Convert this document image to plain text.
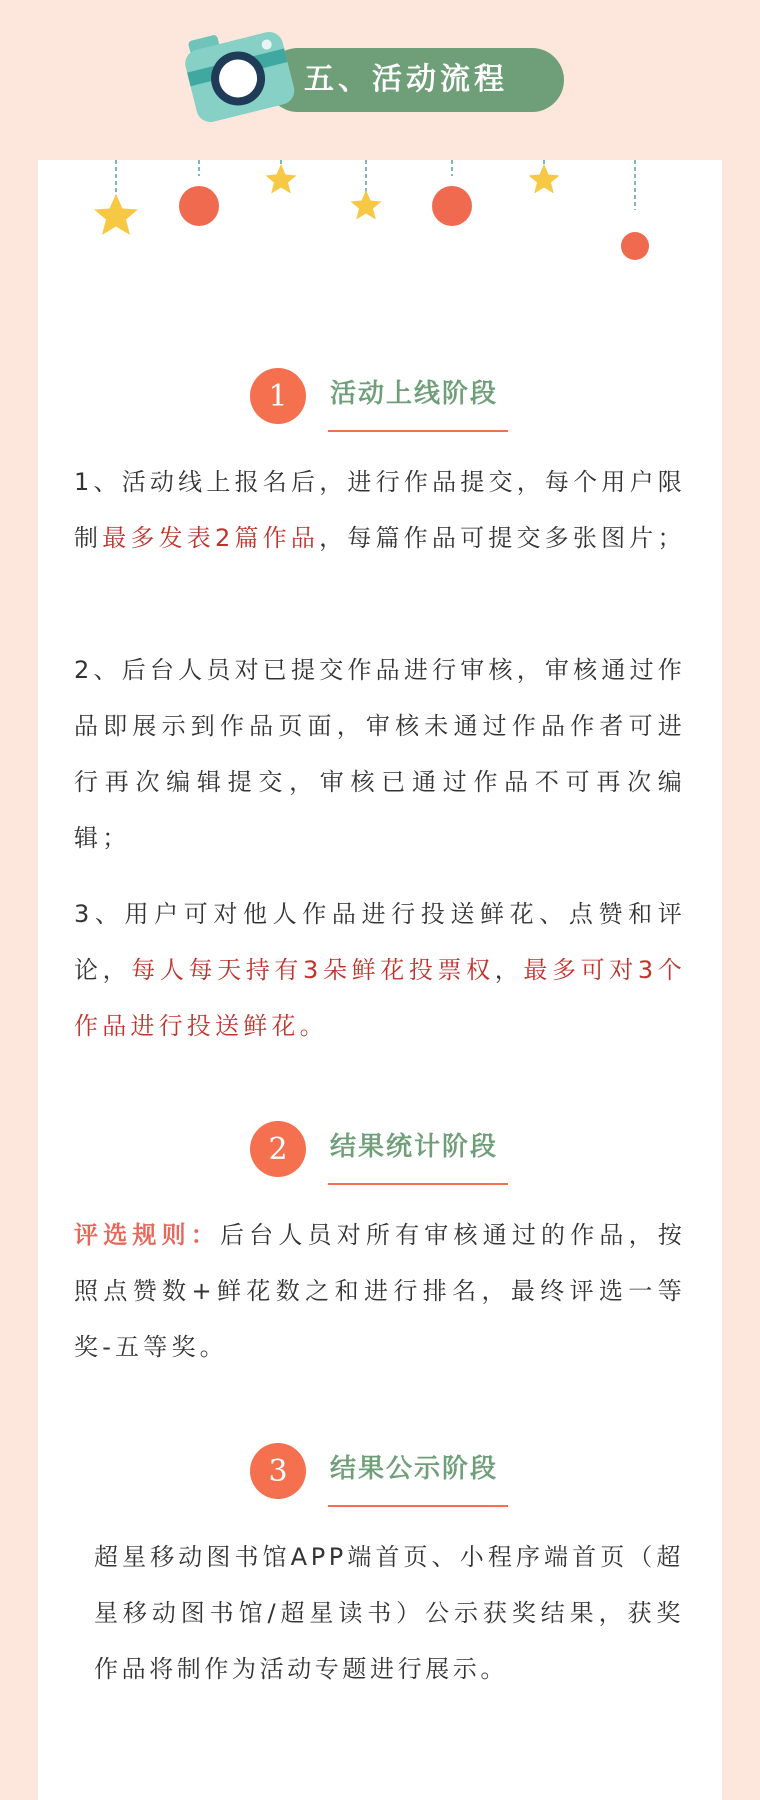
五、活动流程
1	活动上线阶段

1、活动线上报名后，进行作品提交，每个用户限制最多发表2篇作品，每篇作品可提交多张图片；

2、后台人员对已提交作品进行审核，审核通过作品即展示到作品页面，审核未通过作品作者可进行再次编辑提交，审核已通过作品不可再次编辑；

3、用户可对他人作品进行投送鲜花、点赞和评论，每人每天持有3朵鲜花投票权，最多可对3个作品进行投送鲜花。

2	结果统计阶段

评选规则：后台人员对所有审核通过的作品，按照点赞数+鲜花数之和进行排名，最终评选一等奖-五等奖。

3	结果公示阶段

超星移动图书馆APP端首页、小程序端首页（超星移动图书馆/超星读书）公示获奖结果，获奖作品将制作为活动专题进行展示。
